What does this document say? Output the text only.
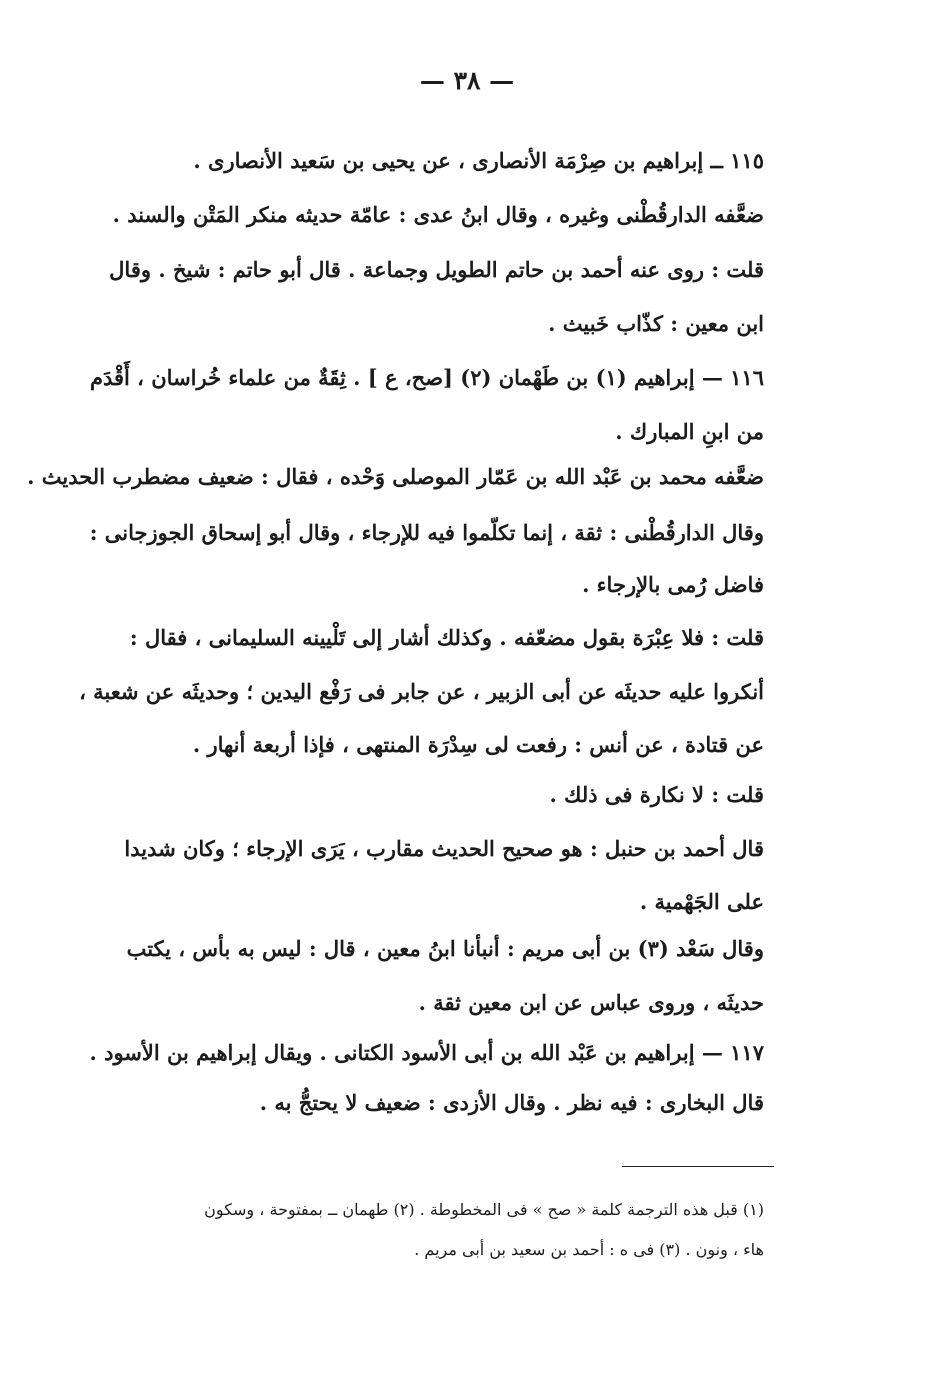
— ٣٨ —
١١٥ ــ إبراهيم بن صِرْمَة الأنصارى ، عن يحيى بن سَعيد الأنصارى .
ضعَّفه الدارقُطْنى وغيره ، وقال ابنُ عدى : عامّة حديثه منكر المَتْن والسند .
قلت : روى عنه أحمد بن حاتم الطويل وجماعة . قال أبو حاتم : شيخ . وقال
ابن معين : كذّاب خَبيث .
١١٦ — إبراهيم (١) بن طَهْمان (٢) [صح، ع ] . ثِقَةٌ من علماء خُراسان ، أَقْدَم
من ابنِ المبارك .
ضعَّفه محمد بن عَبْد الله بن عَمّار الموصلى وَحْده ، فقال : ضعيف مضطرب الحديث .
وقال الدارقُطْنى : ثقة ، إنما تكلّموا فيه للإرجاء ، وقال أبو إسحاق الجوزجانى :
فاضل رُمى بالإرجاء .
قلت : فلا عِبْرَة بقول مضعّفه . وكذلك أشار إلى تَلْيينه السليمانى ، فقال :
أنكروا عليه حديثَه عن أبى الزبير ، عن جابر فى رَفْع اليدين ؛ وحديثَه عن شعبة ،
عن قتادة ، عن أنس : رفعت لى سِدْرَة المنتهى ، فإذا أربعة أنهار .
قلت : لا نكارة فى ذلك .
قال أحمد بن حنبل : هو صحيح الحديث مقارب ، يَرَى الإرجاء ؛ وكان شديدا
على الجَهْمية .
وقال سَعْد (٣) بن أبى مريم : أنبأنا ابنُ معين ، قال : ليس به بأس ، يكتب
حديثَه ، وروى عباس عن ابن معين ثقة .
١١٧ — إبراهيم بن عَبْد الله بن أبى الأسود الكتانى . ويقال إبراهيم بن الأسود .
قال البخارى : فيه نظر . وقال الأزدى : ضعيف لا يحتجُّ به .
(١) قبل هذه الترجمة كلمة « صح » فى المخطوطة . (٢) طهمان ــ بمفتوحة ، وسكون
هاء ، ونون . (٣) فى ه : أحمد بن سعيد بن أبى مريم .
